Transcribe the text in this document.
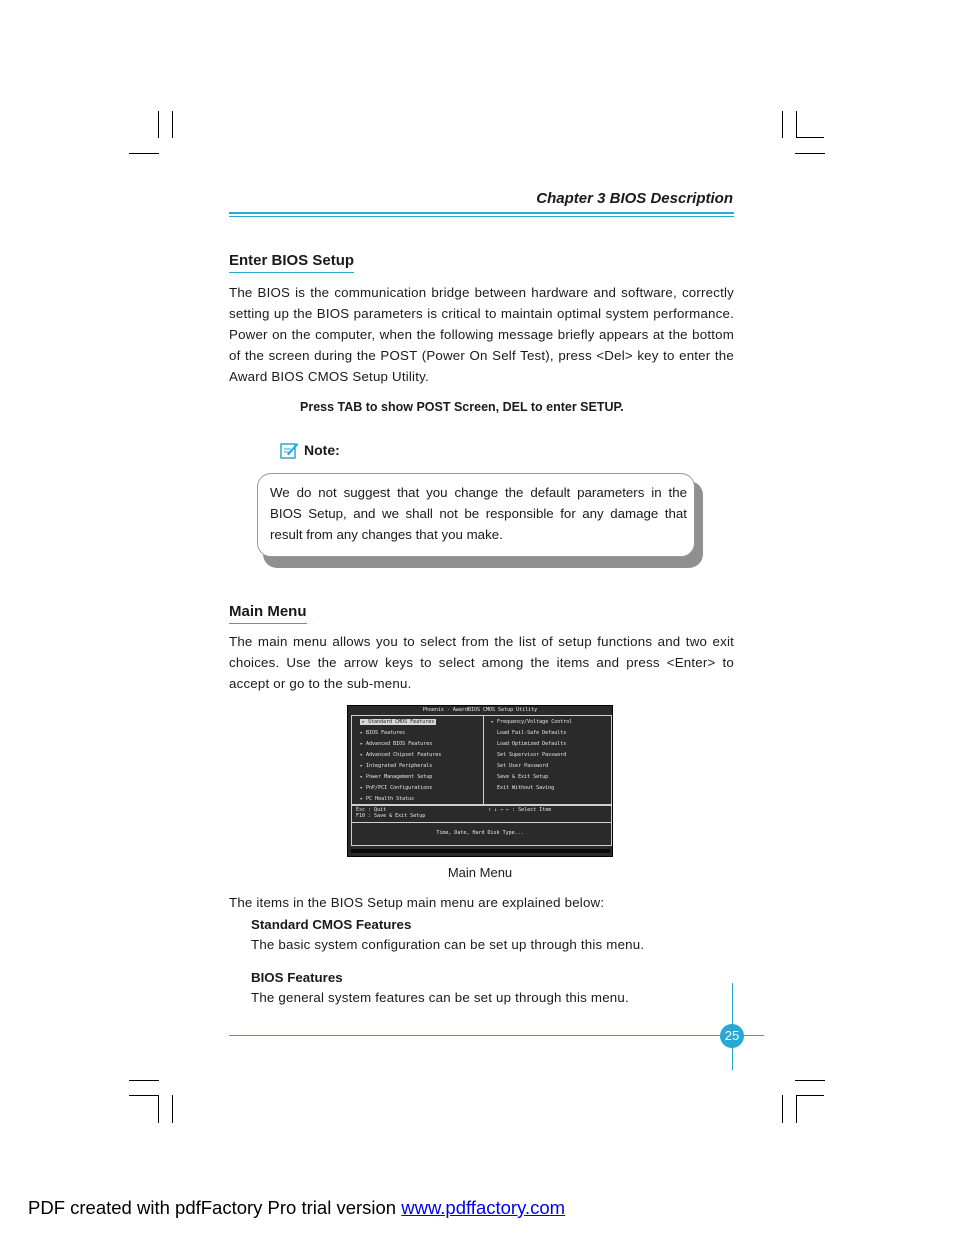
Chapter 3 BIOS Description
Enter BIOS Setup
The BIOS is the communication bridge between hardware and software, correctly setting up the BIOS parameters is critical to maintain optimal system performance. Power on the computer, when the following message briefly appears at the bottom of the screen during the POST (Power On Self Test), press <Del> key to enter the Award BIOS CMOS Setup Utility.
Press TAB to show POST Screen, DEL to enter SETUP.
Note:
We do not suggest that you change the default parameters in the BIOS Setup, and we shall not be responsible for any damage that result from any changes that you make.
Main Menu
The main menu allows you to select from the list of setup functions and two exit choices. Use the arrow keys to select among the items and press <Enter> to accept or go to the sub-menu.
Phoenix - AwardBIOS CMOS Setup Utility
▸ Standard CMOS Features
▸ BIOS Features
▸ Advanced BIOS Features
▸ Advanced Chipset Features
▸ Integrated Peripherals
▸ Power Management Setup
▸ PnP/PCI Configurations
▸ PC Health Status
▸ Frequency/Voltage Control
Load Fail-Safe Defaults
Load Optimized Defaults
Set Supervisor Password
Set User Password
Save & Exit Setup
Exit Without Saving
Esc : Quit
F10 : Save & Exit Setup
↑ ↓ → ← : Select Item
Time, Date, Hard Disk Type...
Main Menu
The items in the BIOS Setup main menu are explained below:
Standard CMOS Features
The basic system configuration can be set up through this menu.
BIOS Features
The general system features can be set up through this menu.
25
PDF created with pdfFactory Pro trial version www.pdffactory.com
